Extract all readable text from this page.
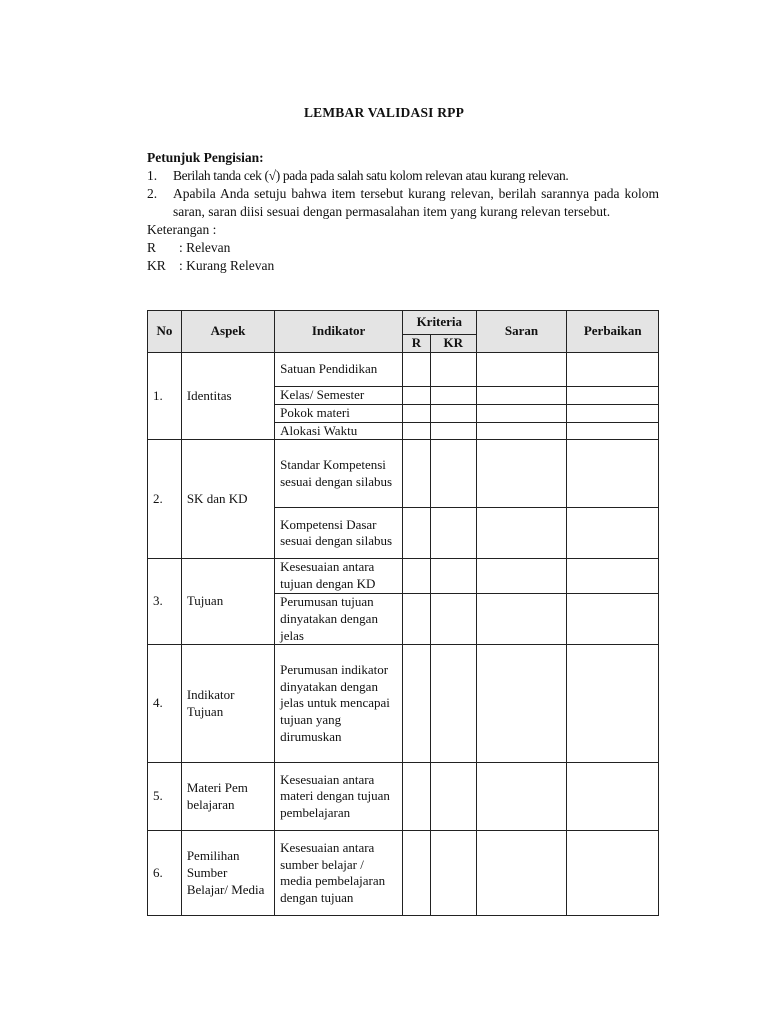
LEMBAR VALIDASI RPP
Petunjuk Pengisian:
1.	Berilah tanda cek (√) pada pada salah satu kolom relevan atau kurang relevan.
2.	Apabila Anda setuju bahwa item tersebut kurang relevan, berilah sarannya pada kolom saran, saran diisi sesuai dengan permasalahan item yang kurang relevan tersebut.
Keterangan :
R	: Relevan
KR : Kurang Relevan
No	Aspek	Indikator	Kriteria		Saran	Perbaikan
			R	KR		
1.	Identitas	Satuan Pendidikan				
		Kelas/ Semester				
		Pokok materi				
		Alokasi Waktu				
2.	SK dan KD	Standar Kompetensi sesuai dengan silabus				
		Kompetensi Dasar sesuai dengan silabus				
3.	Tujuan	Kesesuaian antara tujuan dengan KD				
		Perumusan tujuan dinyatakan dengan jelas				
4.	Indikator Tujuan	Perumusan indikator dinyatakan dengan jelas untuk mencapai tujuan yang dirumuskan				
5.	Materi Pem belajaran	Kesesuaian antara materi dengan tujuan pembelajaran				
6.	Pemilihan Sumber Belajar/ Media	Kesesuaian antara sumber belajar / media pembelajaran dengan tujuan				
